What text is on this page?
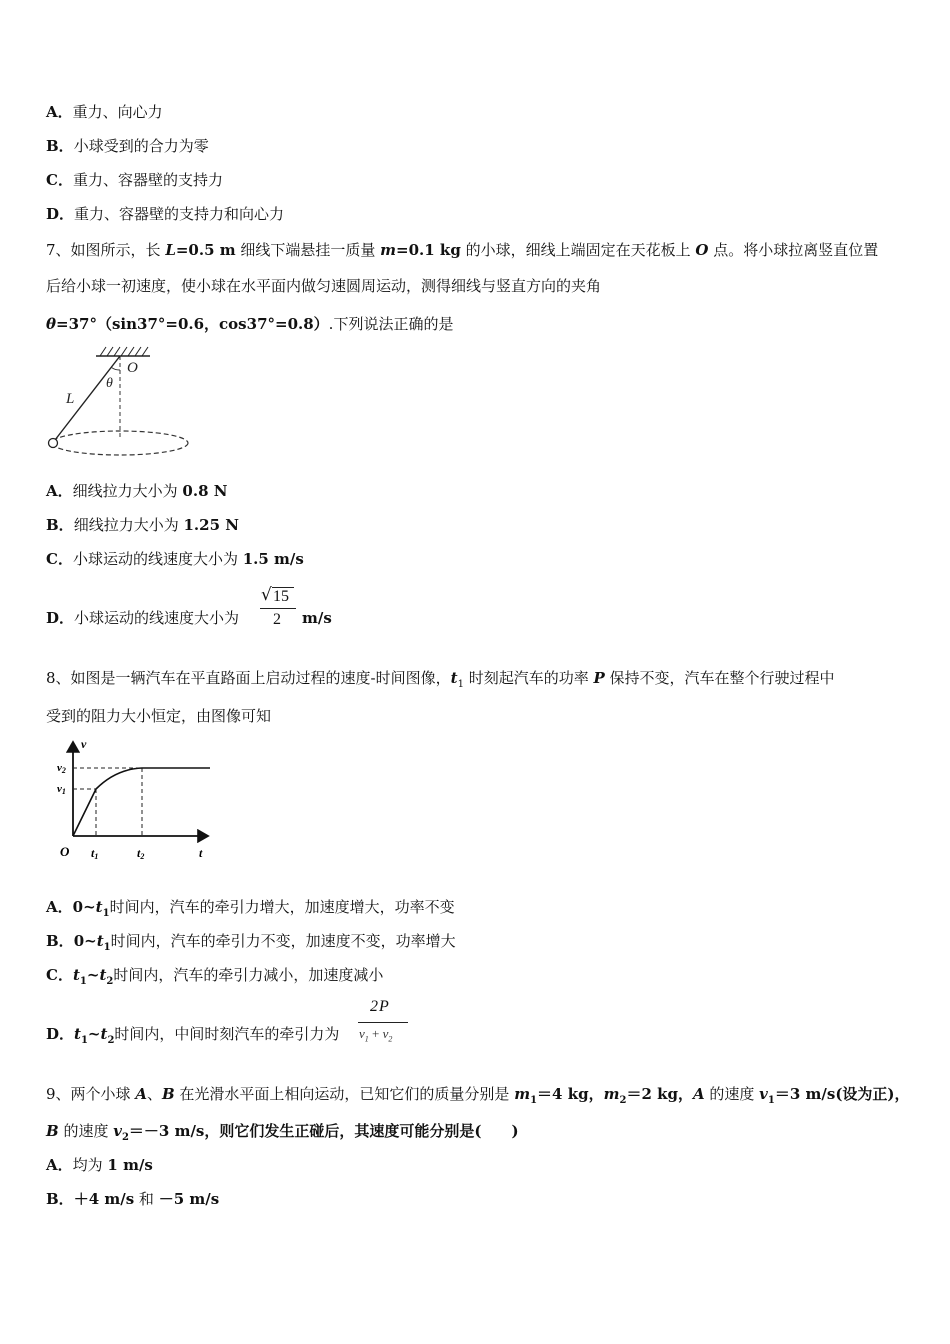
A．重力、向心力
B．小球受到的合力为零
C．重力、容器壁的支持力
D．重力、容器壁的支持力和向心力
7、如图所示，长 L=0.5 m 细线下端悬挂一质量 m=0.1 kg 的小球，细线上端固定在天花板上 O 点。将小球拉离竖直位置
后给小球一初速度，使小球在水平面内做匀速圆周运动，测得细线与竖直方向的夹角
θ=37°（sin37°=0.6，cos37°=0.8）.下列说法正确的是
O
θ
L
A．细线拉力大小为 0.8 N
B．细线拉力大小为 1.25 N
C．小球运动的线速度大小为 1.5 m/s
D．小球运动的线速度大小为
√ 15
2 m/s
8、如图是一辆汽车在平直路面上启动过程的速度-时间图像，$t_1$ 时刻起汽车的功率 P 保持不变，汽车在整个行驶过程中
受到的阻力大小恒定，由图像可知
v
v2
v1
O t1	t2	t
A．$0\sim t_1$时间内，汽车的牵引力增大，加速度增大，功率不变
B．$0\sim t_1$时间内，汽车的牵引力不变，加速度不变，功率增大
C．$t_1\sim t_2$时间内，汽车的牵引力减小，加速度减小
D．$t_1\sim t_2$时间内，中间时刻汽车的牵引力为
2P
$v_1 + v_2$
9、两个小球 A、B 在光滑水平面上相向运动，已知它们的质量分别是 $m_1=4$ kg，$m_2=2$ kg，A 的速度 $v_1=3$ m/s(设为正)，
B 的速度 $v_2=-3$ m/s，则它们发生正碰后，其速度可能分别是(　　)
A．均为 1 m/s
B．＋4 m/s 和 －5 m/s
